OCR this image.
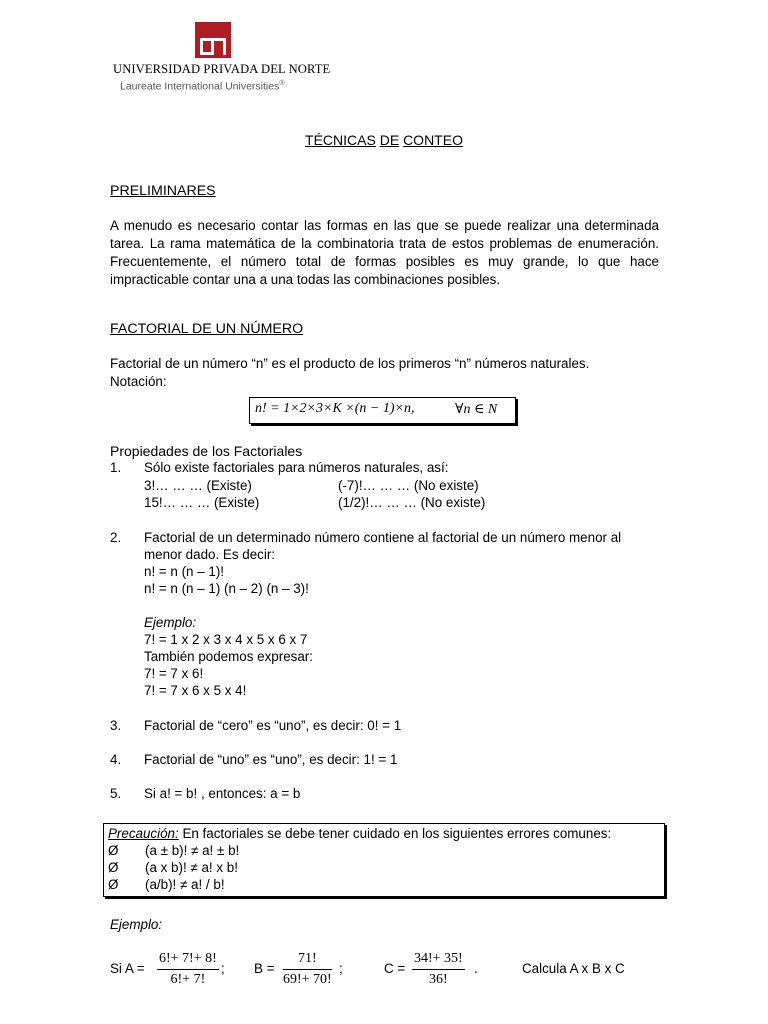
UNIVERSIDAD PRIVADA DEL NORTE
Laureate International Universities®
TÉCNICAS DE CONTEO
PRELIMINARES

A menudo es necesario contar las formas en las que se puede realizar una determinada tarea. La rama matemática de la combinatoria trata de estos problemas de enumeración. Frecuentemente, el número total de formas posibles es muy grande, lo que hace impracticable contar una a una todas las combinaciones posibles.

FACTORIAL DE UN NÚMERO
Factorial de un número “n” es el producto de los primeros “n” números naturales.
Notación:
n! = 1×2×3×K ×(n − 1)×n,	∀n ∈ N
Propiedades de los Factoriales
1. Sólo existe factoriales para números naturales, así:
3!… … … (Existe)	(-7)!… … … (No existe)
15!… … … (Existe)	(1/2)!… … … (No existe)
2. Factorial de un determinado número contiene al factorial de un número menor al
menor dado. Es decir:
n! = n (n – 1)!
n! = n (n – 1) (n – 2) (n – 3)!
Ejemplo:
7! = 1 x 2 x 3 x 4 x 5 x 6 x 7
También podemos expresar:
7! = 7 x 6!
7! = 7 x 6 x 5 x 4!
3. Factorial de “cero” es “uno”, es decir: 0! = 1
4. Factorial de “uno” es “uno”, es decir: 1! = 1
5. Si a! = b! , entonces: a = b
Precaución: En factoriales se debe tener cuidado en los siguientes errores comunes:
Ø (a ± b)! ≠ a! ± b!
Ø (a x b)! ≠ a! x b!
Ø (a/b)! ≠ a! / b!
Ejemplo:
Si $A = \frac{6!+ 7!+ 8!}{6!+ 7!}$ ; $B = \frac{71!}{69!+ 70!}$ ;	$C = \frac{34!+ 35!}{36!}$ .	Calcula A x B x C
